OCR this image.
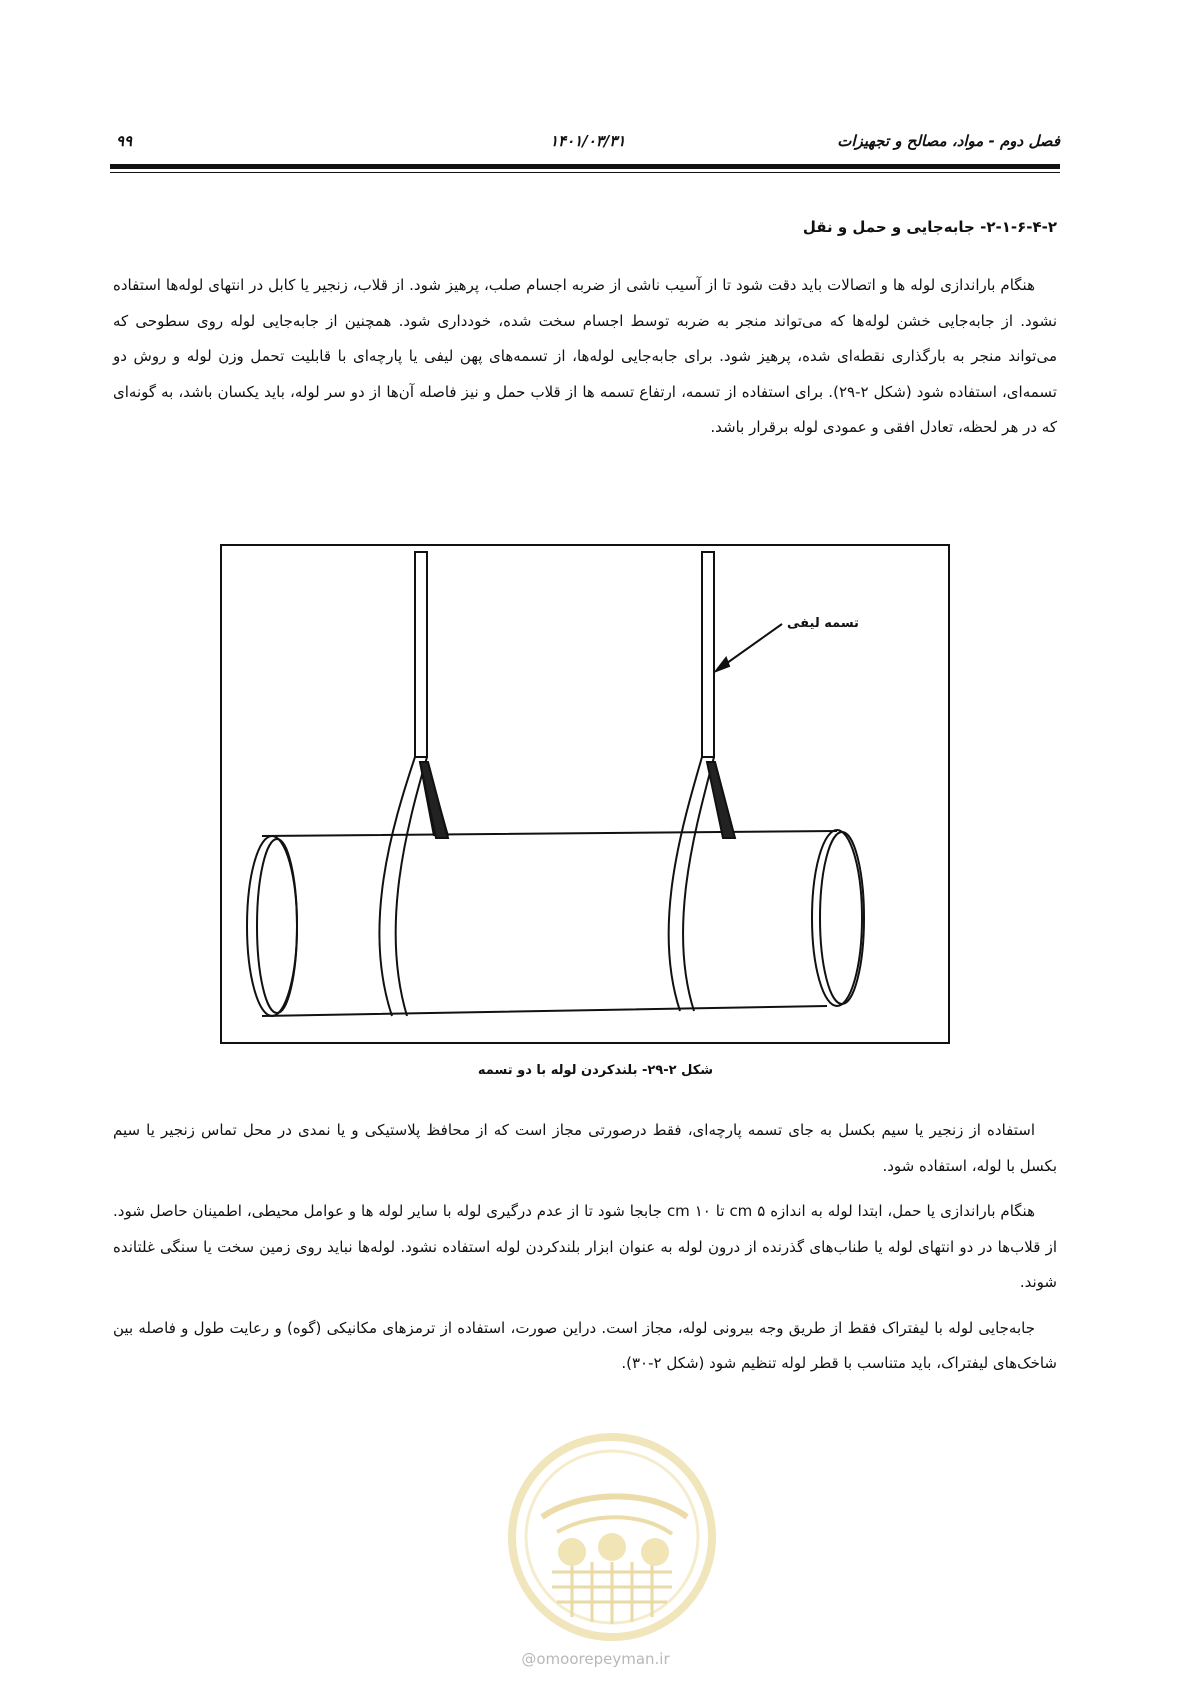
فصل دوم - مواد، مصالح و تجهیزات
۱۴۰۱/۰۳/۳۱
۹۹
۲-۱-۶-۴-۲- جابه‌جایی و حمل و نقل

هنگام باراندازی لوله ها و اتصالات باید دقت شود تا از آسیب ناشی از ضربه اجسام صلب، پرهیز شود. از قلاب، زنجیر یا کابل در انتهای لوله‌ها استفاده نشود. از جابه‌جایی خشن لوله‌ها که می‌تواند منجر به ضربه توسط اجسام سخت شده، خودداری شود. همچنین از جابه‌جایی لوله روی سطوحی که می‌تواند منجر به بارگذاری نقطه‌ای شده، پرهیز شود. برای جابه‌جایی لوله‌ها، از تسمه‌های پهن لیفی یا پارچه‌ای با قابلیت تحمل وزن لوله و روش دو تسمه‌ای، استفاده شود (شکل ۲-۲۹). برای استفاده از تسمه، ارتفاع تسمه ها از قلاب حمل و نیز فاصله آن‌ها از دو سر لوله، باید یکسان باشد، به گونه‌ای که در هر لحظه، تعادل افقی و عمودی لوله برقرار باشد.

تسمه لیفی
شکل ۲-۲۹- بلندکردن لوله با دو تسمه

استفاده از زنجیر یا سیم بکسل به جای تسمه پارچه‌ای، فقط درصورتی مجاز است که از محافظ پلاستیکی و یا نمدی در محل تماس زنجیر یا سیم بکسل با لوله، استفاده شود.

هنگام باراندازی یا حمل، ابتدا لوله به اندازه ۵ cm تا ۱۰ cm جابجا شود تا از عدم درگیری لوله با سایر لوله ها و عوامل محیطی، اطمینان حاصل شود. از قلاب‌ها در دو انتهای لوله یا طناب‌های گذرنده از درون لوله به عنوان ابزار بلندکردن لوله استفاده نشود. لوله‌ها نباید روی زمین سخت یا سنگی غلتانده شوند.

جابه‌جایی لوله با لیفتراک فقط از طریق وجه بیرونی لوله، مجاز است. دراین صورت، استفاده از ترمزهای مکانیکی (گوه) و رعایت طول و فاصله بین شاخک‌های لیفتراک، باید متناسب با قطر لوله تنظیم شود (شکل ۲-۳۰).

@omoorepeyman.ir
